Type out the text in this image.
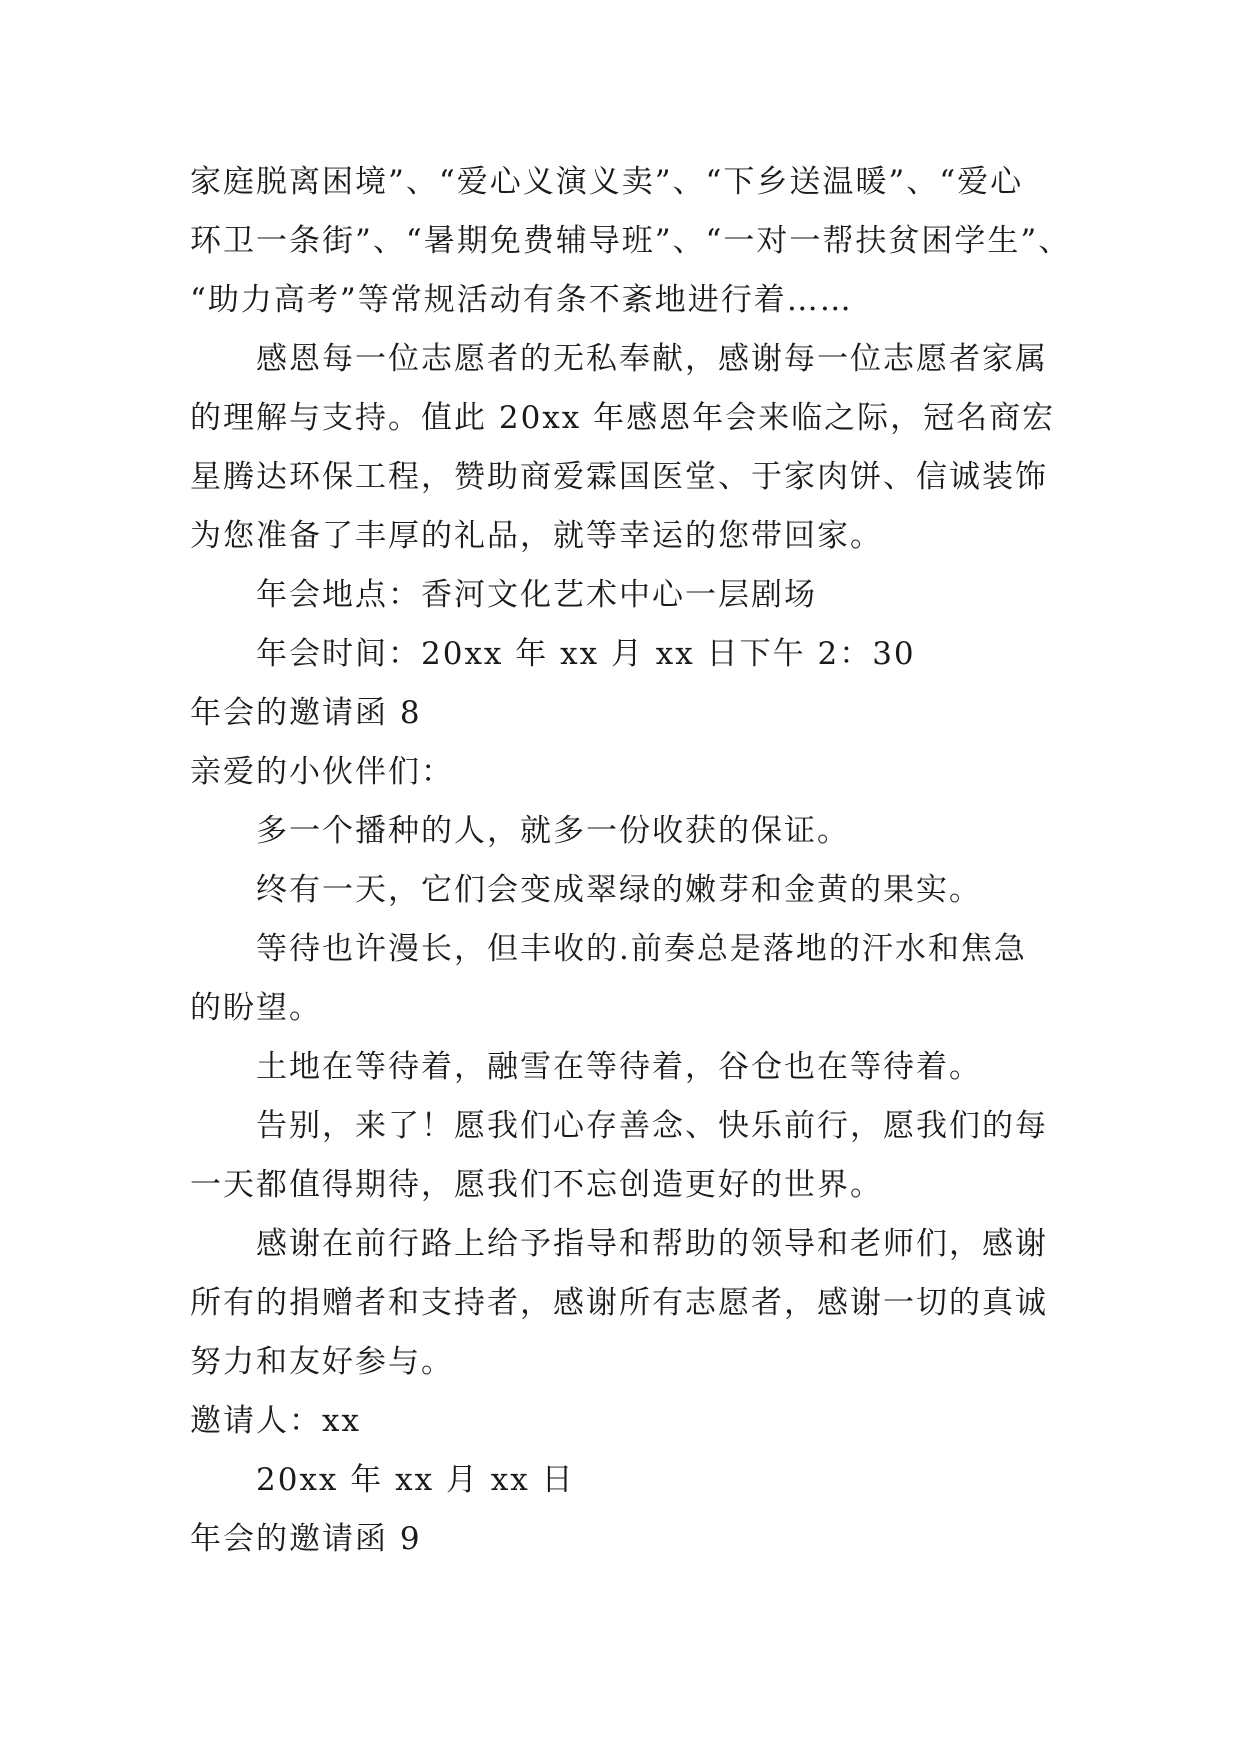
家庭脱离困境”、“爱心义演义卖”、“下乡送温暖”、“爱心
环卫一条街”、“暑期免费辅导班”、“一对一帮扶贫困学生”、
“助力高考”等常规活动有条不紊地进行着……
感恩每一位志愿者的无私奉献，感谢每一位志愿者家属
的理解与支持。值此 20xx 年感恩年会来临之际，冠名商宏
星腾达环保工程，赞助商爱霖国医堂、于家肉饼、信诚装饰
为您准备了丰厚的礼品，就等幸运的您带回家。
年会地点：香河文化艺术中心一层剧场
年会时间：20xx 年 xx 月 xx 日下午 2：30
年会的邀请函 8
亲爱的小伙伴们：
多一个播种的人，就多一份收获的保证。
终有一天，它们会变成翠绿的嫩芽和金黄的果实。
等待也许漫长，但丰收的.前奏总是落地的汗水和焦急
的盼望。
土地在等待着，融雪在等待着，谷仓也在等待着。
告别，来了！愿我们心存善念、快乐前行，愿我们的每
一天都值得期待，愿我们不忘创造更好的世界。
感谢在前行路上给予指导和帮助的领导和老师们，感谢
所有的捐赠者和支持者，感谢所有志愿者，感谢一切的真诚
努力和友好参与。
邀请人：xx
20xx 年 xx 月 xx 日
年会的邀请函 9
